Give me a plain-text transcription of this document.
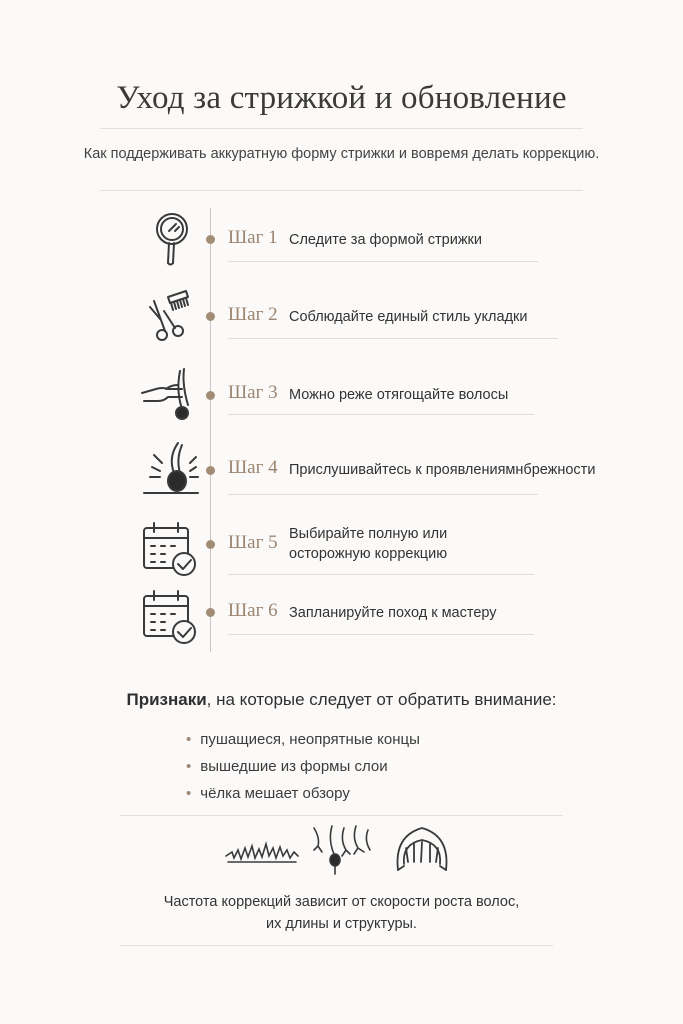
Уход за стрижкой и обновление
Как поддерживать аккуратную форму стрижки и вовремя делать коррекцию.
Шаг 1 Следите за формой стрижки
Шаг 2 Соблюдайте единый стиль укладки
Шаг 3 Можно реже отягощайте волосы
Шаг 4 Прислушивайтесь к проявлениямнбрежности
Шаг 5 Выбирайте полную или осторожную коррекцию
Шаг 6 Запланируйте поход к мастеру
Признаки, на которые следует от обратить внимание:
• пушащиеся, неопрятные концы
• вышедшие из формы слои
• чёлка мешает обзору
Частота коррекций зависит от скорости роста волос,
их длины и структуры.
